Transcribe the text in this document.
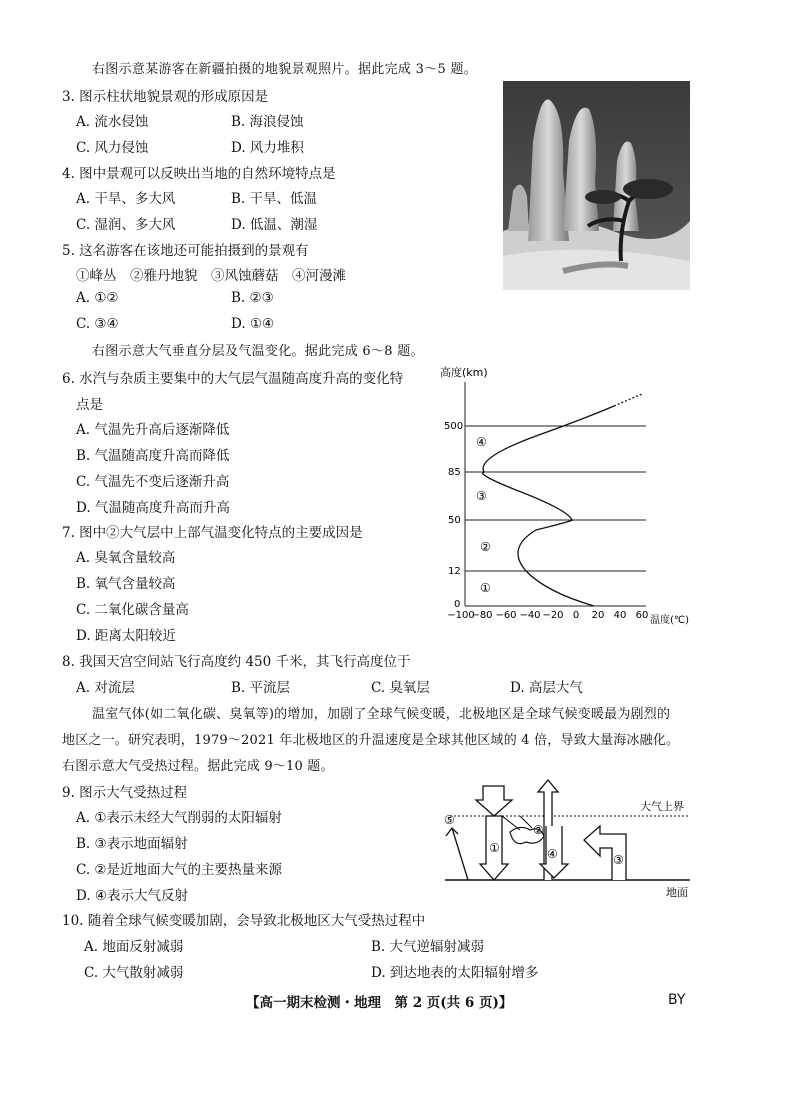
右图示意某游客在新疆拍摄的地貌景观照片。据此完成 3～5 题。
3. 图示柱状地貌景观的形成原因是
A. 流水侵蚀	B. 海浪侵蚀
C. 风力侵蚀	D. 风力堆积
4. 图中景观可以反映出当地的自然环境特点是
A. 干旱、多大风	B. 干旱、低温
C. 湿润、多大风	D. 低温、潮湿
5. 这名游客在该地还可能拍摄到的景观有
①峰丛　②雅丹地貌　③风蚀蘑菇　④河漫滩
A. ①②	B. ②③
C. ③④	D. ①④
右图示意大气垂直分层及气温变化。据此完成 6～8 题。
6. 水汽与杂质主要集中的大气层气温随高度升高的变化特
点是
A. 气温先升高后逐渐降低
B. 气温随高度升高而降低
C. 气温先不变后逐渐升高
D. 气温随高度升高而升高
7. 图中②大气层中上部气温变化特点的主要成因是
A. 臭氧含量较高
B. 氧气含量较高
C. 二氧化碳含量高
D. 距离太阳较近
高度(km)
500
85
50
12
0
−100
−80 −60 −40 −20 0 20 40 60 温度(℃)
④
③
②
①
8. 我国天宫空间站飞行高度约 450 千米，其飞行高度位于
A. 对流层	B. 平流层	C. 臭氧层	D. 高层大气
温室气体(如二氧化碳、臭氧等)的增加，加剧了全球气候变暖，北极地区是全球气候变暖最为剧烈的
地区之一。研究表明，1979～2021 年北极地区的升温速度是全球其他区域的 4 倍，导致大量海冰融化。
右图示意大气受热过程。据此完成 9～10 题。
9. 图示大气受热过程
A. ①表示未经大气削弱的太阳辐射
B. ③表示地面辐射
C. ②是近地面大气的主要热量来源
D. ④表示大气反射
大气上界
地面
①
②
④	③
⑤
10. 随着全球气候变暖加剧，会导致北极地区大气受热过程中
A. 地面反射减弱	B. 大气逆辐射减弱
C. 大气散射减弱	D. 到达地表的太阳辐射增多
【高一期末检测・地理　第 2 页(共 6 页)】	BY
